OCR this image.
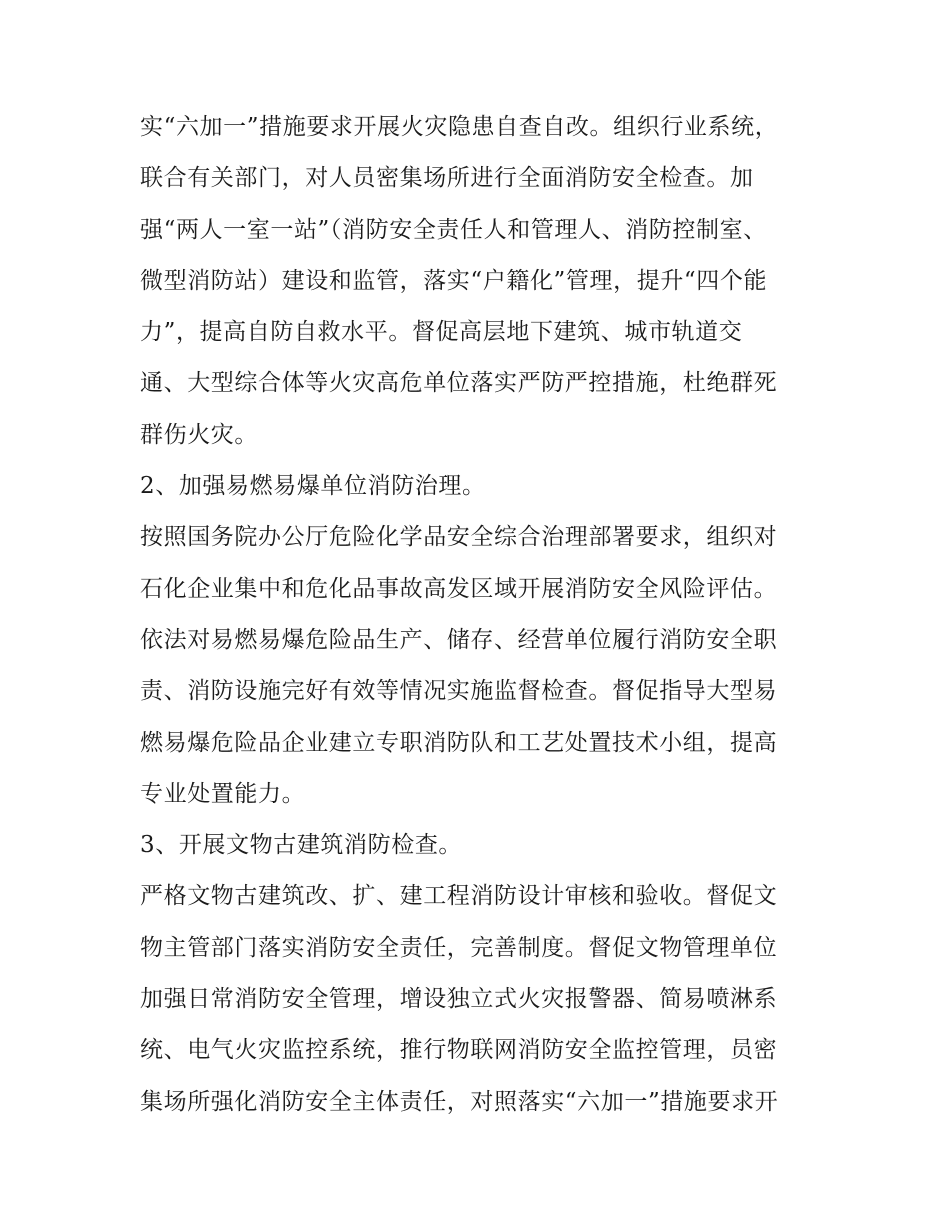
实“六加一”措施要求开展火灾隐患自查自改。组织行业系统，
联合有关部门，对人员密集场所进行全面消防安全检查。加
强“两人一室一站”（消防安全责任人和管理人、消防控制室、
微型消防站）建设和监管，落实“户籍化”管理，提升“四个能
力”，提高自防自救水平。督促高层地下建筑、城市轨道交
通、大型综合体等火灾高危单位落实严防严控措施，杜绝群死
群伤火灾。
2、加强易燃易爆单位消防治理。
按照国务院办公厅危险化学品安全综合治理部署要求，组织对
石化企业集中和危化品事故高发区域开展消防安全风险评估。
依法对易燃易爆危险品生产、储存、经营单位履行消防安全职
责、消防设施完好有效等情况实施监督检查。督促指导大型易
燃易爆危险品企业建立专职消防队和工艺处置技术小组，提高
专业处置能力。
3、开展文物古建筑消防检查。
严格文物古建筑改、扩、建工程消防设计审核和验收。督促文
物主管部门落实消防安全责任，完善制度。督促文物管理单位
加强日常消防安全管理，增设独立式火灾报警器、简易喷淋系
统、电气火灾监控系统，推行物联网消防安全监控管理，员密
集场所强化消防安全主体责任，对照落实“六加一”措施要求开
